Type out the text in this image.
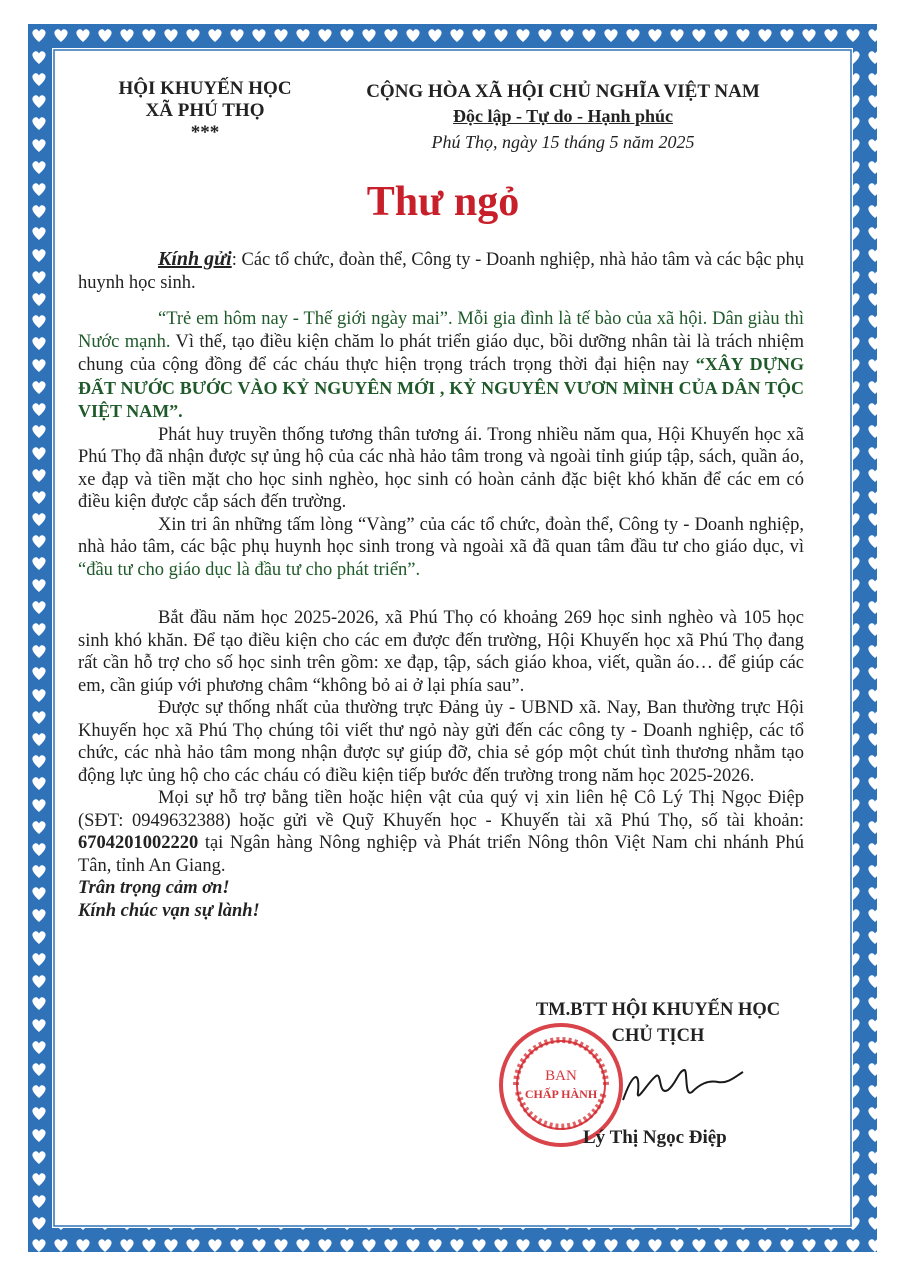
HỘI KHUYẾN HỌC
XÃ PHÚ THỌ
***
CỘNG HÒA XÃ HỘI CHỦ NGHĨA VIỆT NAM
Độc lập - Tự do - Hạnh phúc
Phú Thọ, ngày 15 tháng 5 năm 2025
Thư ngỏ

Kính gửi: Các tổ chức, đoàn thể, Công ty - Doanh nghiệp, nhà hảo tâm và các bậc phụ huynh học sinh.

“Trẻ em hôm nay - Thế giới ngày mai”. Mỗi gia đình là tế bào của xã hội. Dân giàu thì Nước mạnh. Vì thế, tạo điều kiện chăm lo phát triển giáo dục, bồi dưỡng nhân tài là trách nhiệm chung của cộng đồng để các cháu thực hiện trọng trách trọng thời đại hiện nay “XÂY DỰNG ĐẤT NƯỚC BƯỚC VÀO KỶ NGUYÊN MỚI , KỶ NGUYÊN VƯƠN MÌNH CỦA DÂN TỘC VIỆT NAM”.

Phát huy truyền thống tương thân tương ái. Trong nhiều năm qua, Hội Khuyến học xã Phú Thọ đã nhận được sự ủng hộ của các nhà hảo tâm trong và ngoài tỉnh giúp tập, sách, quần áo, xe đạp và tiền mặt cho học sinh nghèo, học sinh có hoàn cảnh đặc biệt khó khăn để các em có điều kiện được cắp sách đến trường.

Xin tri ân những tấm lòng “Vàng” của các tổ chức, đoàn thể, Công ty - Doanh nghiệp, nhà hảo tâm, các bậc phụ huynh học sinh trong và ngoài xã đã quan tâm đầu tư cho giáo dục, vì “đầu tư cho giáo dục là đầu tư cho phát triển”.

Bắt đầu năm học 2025-2026, xã Phú Thọ có khoảng 269 học sinh nghèo và 105 học sinh khó khăn. Để tạo điều kiện cho các em được đến trường, Hội Khuyến học xã Phú Thọ đang rất cần hỗ trợ cho số học sinh trên gồm: xe đạp, tập, sách giáo khoa, viết, quần áo… để giúp các em, cần giúp với phương châm “không bỏ ai ở lại phía sau”.

Được sự thống nhất của thường trực Đảng ủy - UBND xã. Nay, Ban thường trực Hội Khuyến học xã Phú Thọ chúng tôi viết thư ngỏ này gửi đến các công ty - Doanh nghiệp, các tổ chức, các nhà hảo tâm mong nhận được sự giúp đỡ, chia sẻ góp một chút tình thương nhằm tạo động lực ủng hộ cho các cháu có điều kiện tiếp bước đến trường trong năm học 2025-2026.

Mọi sự hỗ trợ bằng tiền hoặc hiện vật của quý vị xin liên hệ Cô Lý Thị Ngọc Điệp (SĐT: 0949632388) hoặc gửi về Quỹ Khuyến học - Khuyến tài xã Phú Thọ, số tài khoản: 6704201002220 tại Ngân hàng Nông nghiệp và Phát triển Nông thôn Việt Nam chi nhánh Phú Tân, tỉnh An Giang.

Trân trọng cảm ơn!

Kính chúc vạn sự lành!

TM.BTT HỘI KHUYẾN HỌC
CHỦ TỊCH
BAN
CHẤP HÀNH
Lý Thị Ngọc Điệp
